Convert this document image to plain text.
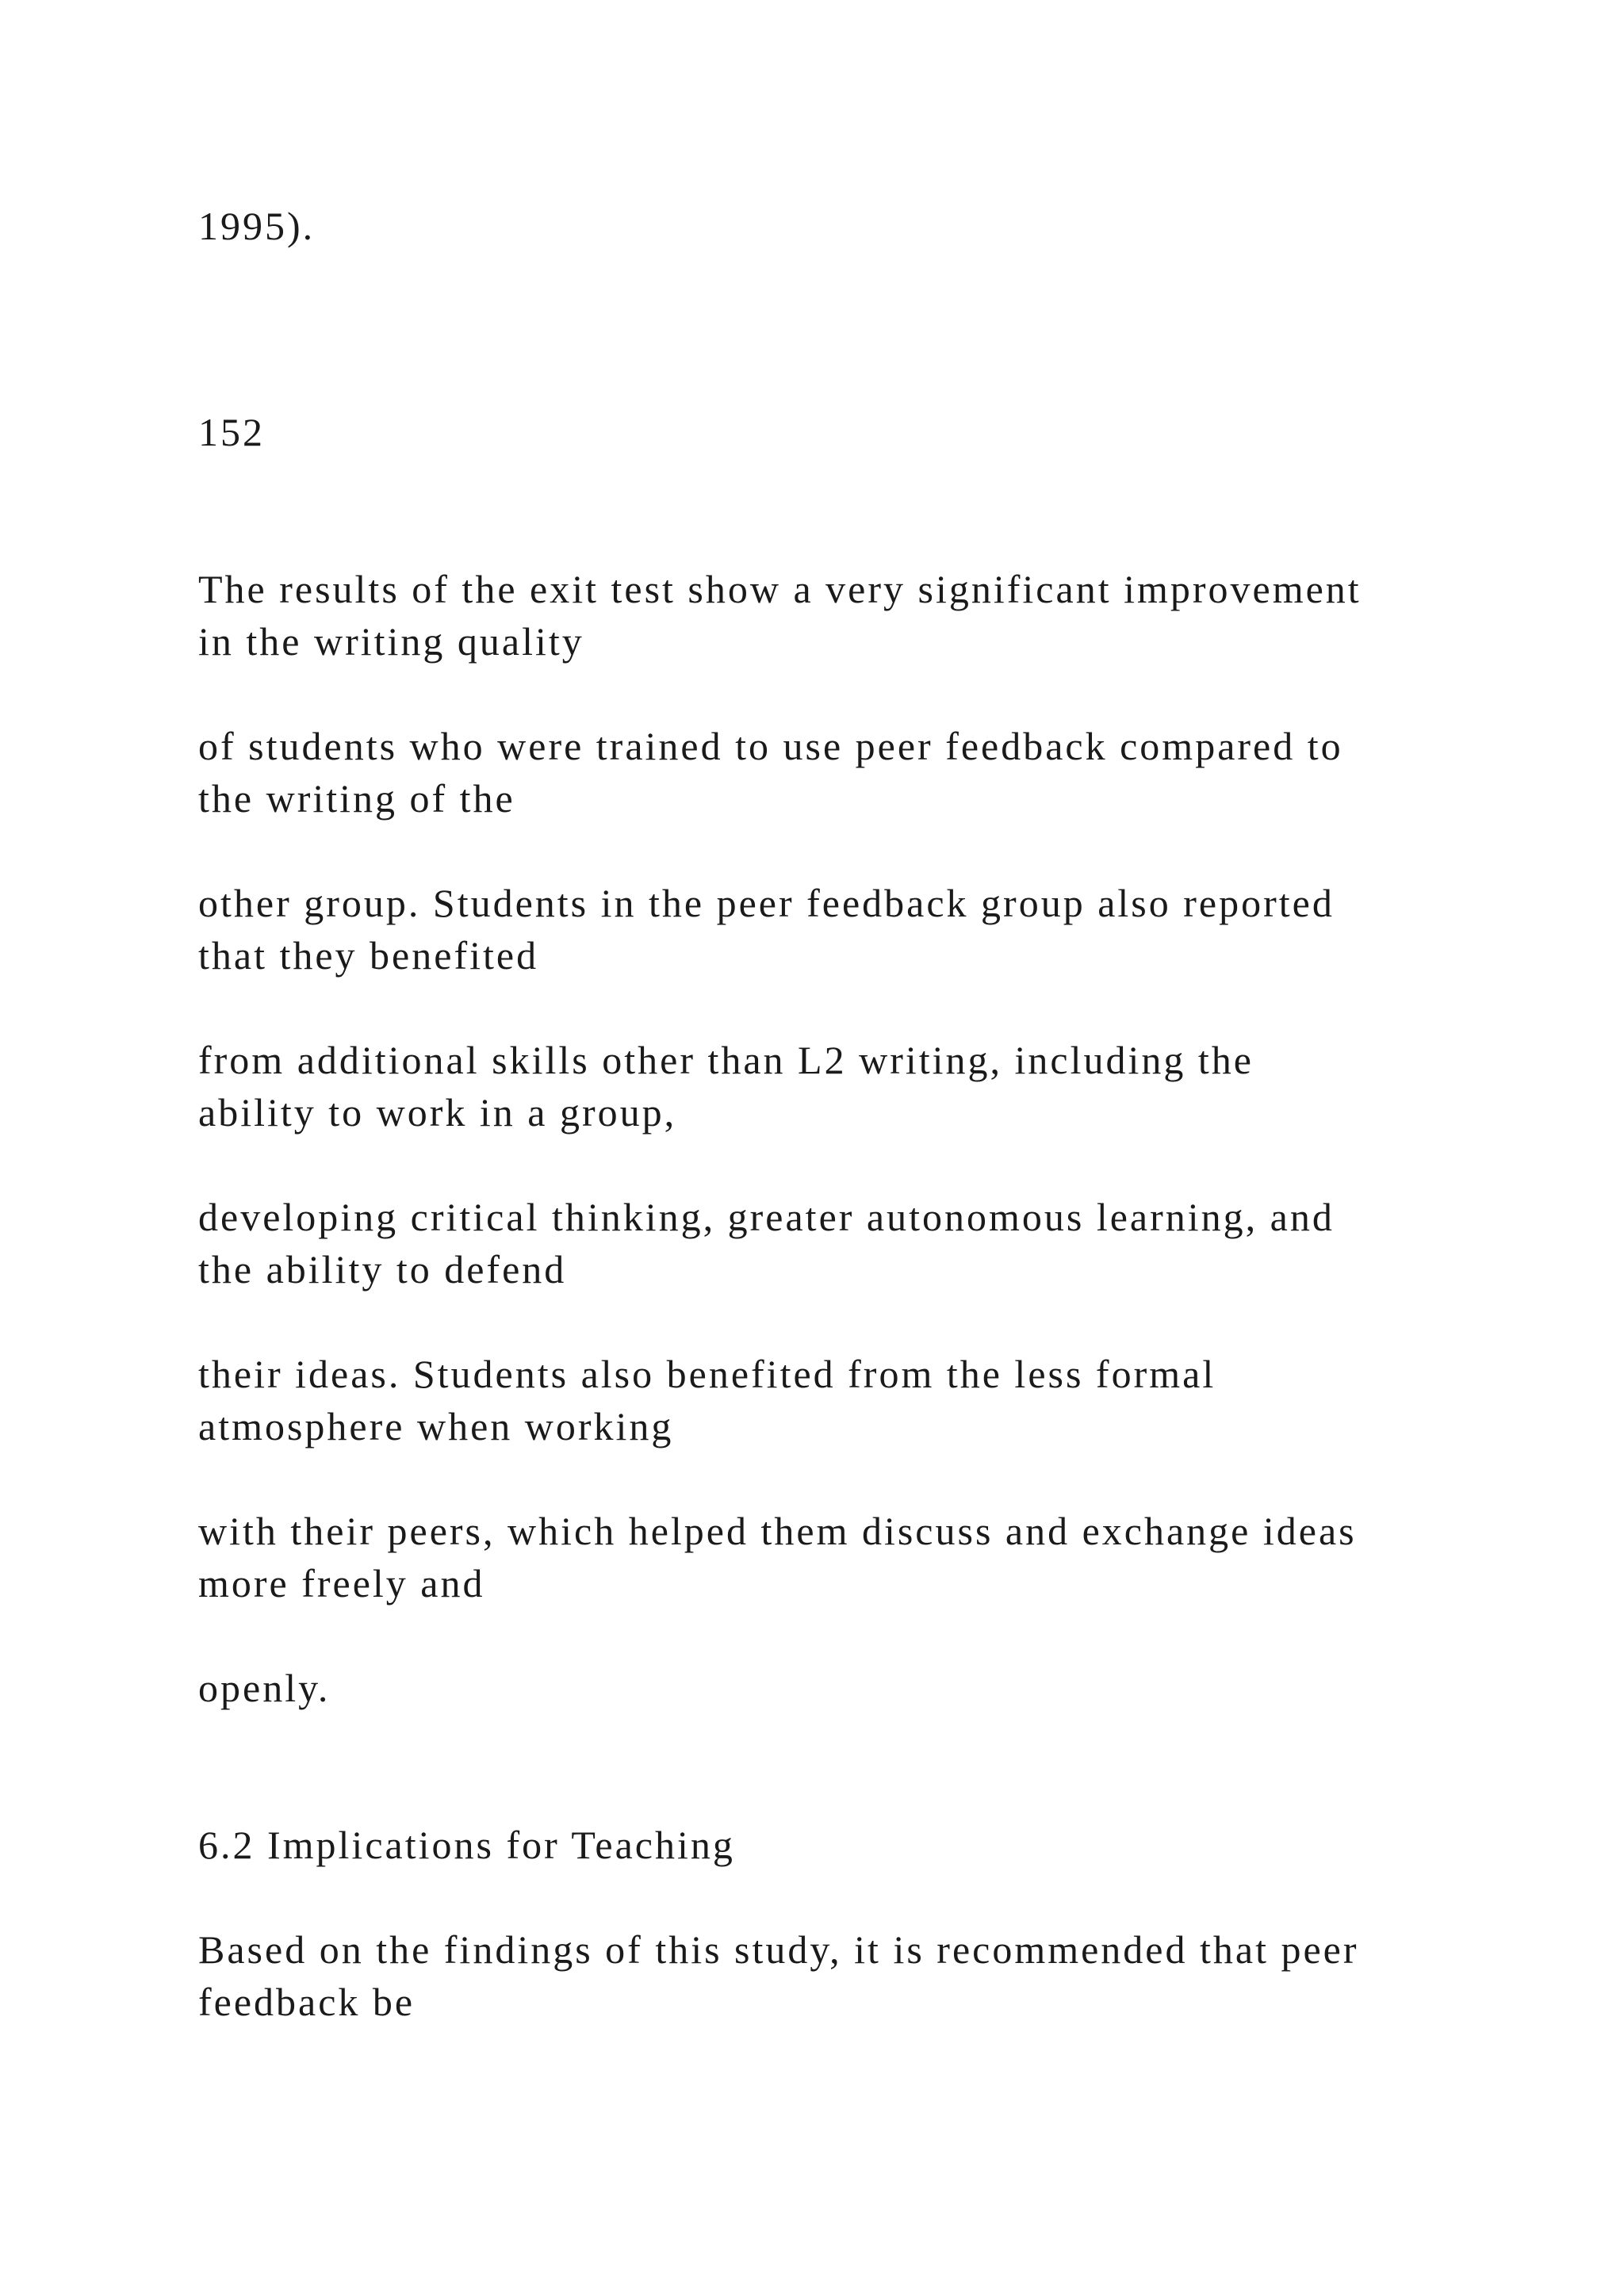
1995).

152

The results of the exit test show a very significant improvement

in the writing quality

of students who were trained to use peer feedback compared to

the writing of the

other group. Students in the peer feedback group also reported

that they benefited

from additional skills other than L2 writing, including the

ability to work in a group,

developing critical thinking, greater autonomous learning, and

the ability to defend

their ideas. Students also benefited from the less formal

atmosphere when working

with their peers, which helped them discuss and exchange ideas

more freely and

openly.

6.2 Implications for Teaching

Based on the findings of this study, it is recommended that peer

feedback be
